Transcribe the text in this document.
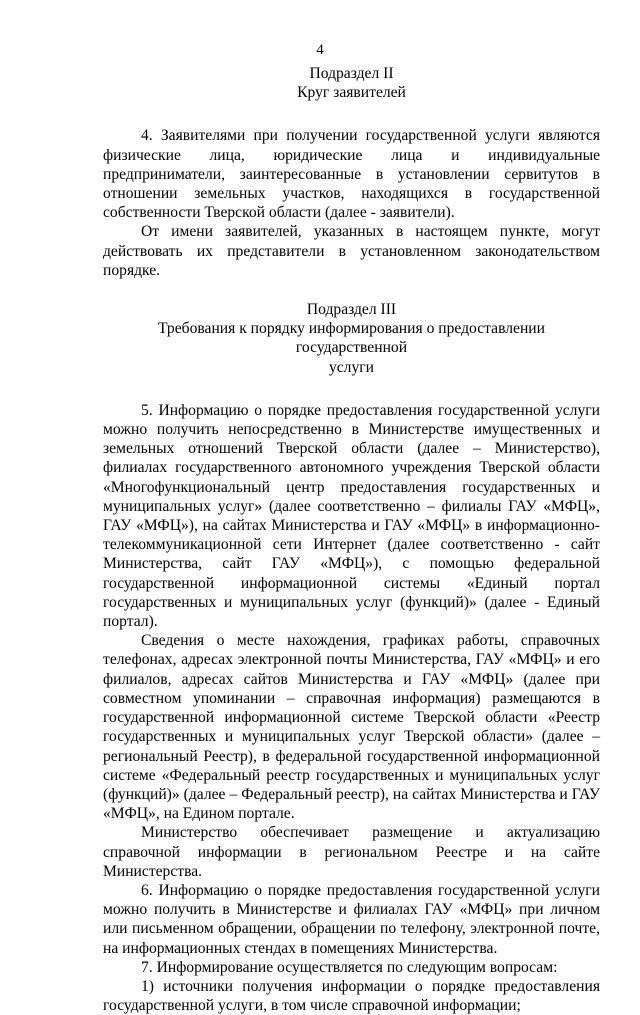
4
Подраздел II
Круг заявителей

4. Заявителями при получении государственной услуги являются физические лица, юридические лица и индивидуальные предприниматели, заинтересованные в установлении сервитутов в отношении земельных участков, находящихся в государственной собственности Тверской области (далее - заявители).

От имени заявителей, указанных в настоящем пункте, могут действовать их представители в установленном законодательством порядке.

Подраздел III
Требования к порядку информирования о предоставлении государственной
услуги

5. Информацию о порядке предоставления государственной услуги можно получить непосредственно в Министерстве имущественных и земельных отношений Тверской области (далее – Министерство), филиалах государственного автономного учреждения Тверской области «Многофункциональный центр предоставления государственных и муниципальных услуг» (далее соответственно – филиалы ГАУ «МФЦ», ГАУ «МФЦ»), на сайтах Министерства и ГАУ «МФЦ» в информационно-телекоммуникационной сети Интернет (далее соответственно - сайт Министерства, сайт ГАУ «МФЦ»), с помощью федеральной государственной информационной системы «Единый портал государственных и муниципальных услуг (функций)» (далее - Единый портал).

Сведения о месте нахождения, графиках работы, справочных телефонах, адресах электронной почты Министерства, ГАУ «МФЦ» и его филиалов, адресах сайтов Министерства и ГАУ «МФЦ» (далее при совместном упоминании – справочная информация) размещаются в государственной информационной системе Тверской области «Реестр государственных и муниципальных услуг Тверской области» (далее – региональный Реестр), в федеральной государственной информационной системе «Федеральный реестр государственных и муниципальных услуг (функций)» (далее – Федеральный реестр), на сайтах Министерства и ГАУ «МФЦ», на Едином портале.

Министерство обеспечивает размещение и актуализацию справочной информации в региональном Реестре и на сайте Министерства.

6. Информацию о порядке предоставления государственной услуги можно получить в Министерстве и филиалах ГАУ «МФЦ» при личном или письменном обращении, обращении по телефону, электронной почте, на информационных стендах в помещениях Министерства.

7. Информирование осуществляется по следующим вопросам:

1) источники получения информации о порядке предоставления государственной услуги, в том числе справочной информации;
